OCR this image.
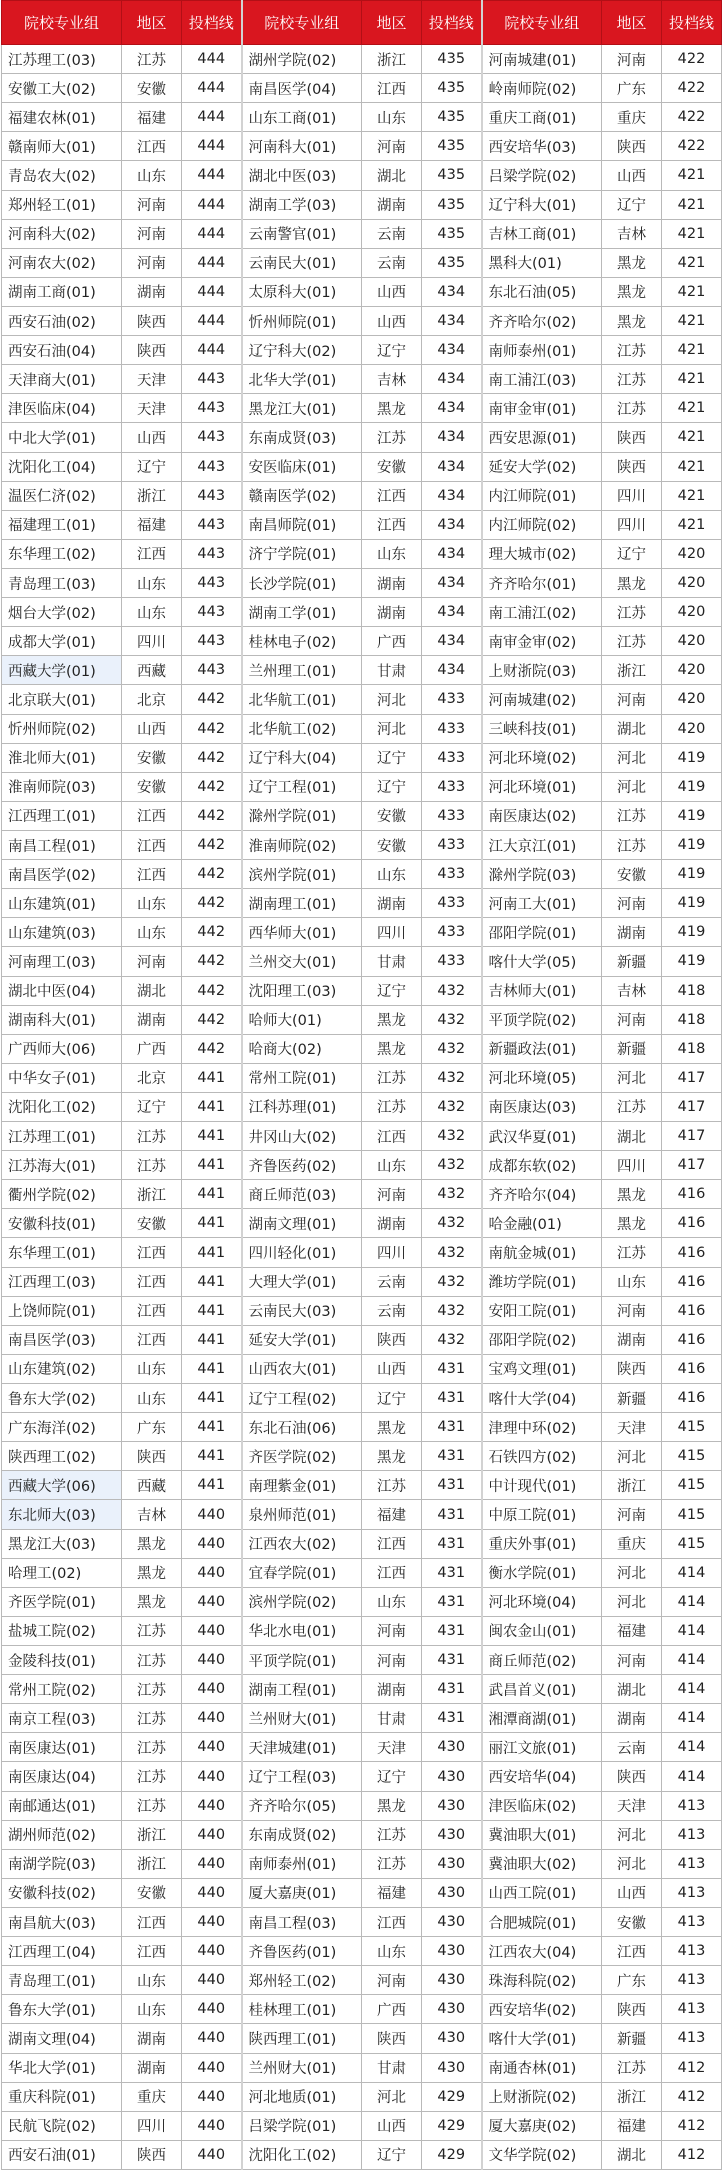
院校专业组	地区	投档线	院校专业组	地区	投档线	院校专业组	地区	投档线
江苏理工(03)	江苏	444	湖州学院(02)	浙江	435	河南城建(01)	河南	422
安徽工大(02)	安徽	444	南昌医学(04)	江西	435	岭南师院(02)	广东	422
福建农林(01)	福建	444	山东工商(01)	山东	435	重庆工商(01)	重庆	422
赣南师大(01)	江西	444	河南科大(01)	河南	435	西安培华(03)	陕西	422
青岛农大(02)	山东	444	湖北中医(03)	湖北	435	吕梁学院(02)	山西	421
郑州轻工(01)	河南	444	湖南工学(03)	湖南	435	辽宁科大(01)	辽宁	421
河南科大(02)	河南	444	云南警官(01)	云南	435	吉林工商(01)	吉林	421
河南农大(02)	河南	444	云南民大(01)	云南	435	黑科大(01)	黑龙	421
湖南工商(01)	湖南	444	太原科大(01)	山西	434	东北石油(05)	黑龙	421
西安石油(02)	陕西	444	忻州师院(01)	山西	434	齐齐哈尔(02)	黑龙	421
西安石油(04)	陕西	444	辽宁科大(02)	辽宁	434	南师泰州(01)	江苏	421
天津商大(01)	天津	443	北华大学(01)	吉林	434	南工浦江(03)	江苏	421
津医临床(04)	天津	443	黑龙江大(01)	黑龙	434	南审金审(01)	江苏	421
中北大学(01)	山西	443	东南成贤(03)	江苏	434	西安思源(01)	陕西	421
沈阳化工(04)	辽宁	443	安医临床(01)	安徽	434	延安大学(02)	陕西	421
温医仁济(02)	浙江	443	赣南医学(02)	江西	434	内江师院(01)	四川	421
福建理工(01)	福建	443	南昌师院(01)	江西	434	内江师院(02)	四川	421
东华理工(02)	江西	443	济宁学院(01)	山东	434	理大城市(02)	辽宁	420
青岛理工(03)	山东	443	长沙学院(01)	湖南	434	齐齐哈尔(01)	黑龙	420
烟台大学(02)	山东	443	湖南工学(01)	湖南	434	南工浦江(02)	江苏	420
成都大学(01)	四川	443	桂林电子(02)	广西	434	南审金审(02)	江苏	420
西藏大学(01)	西藏	443	兰州理工(01)	甘肃	434	上财浙院(03)	浙江	420
北京联大(01)	北京	442	北华航工(01)	河北	433	河南城建(02)	河南	420
忻州师院(02)	山西	442	北华航工(02)	河北	433	三峡科技(01)	湖北	420
淮北师大(01)	安徽	442	辽宁科大(04)	辽宁	433	河北环境(02)	河北	419
淮南师院(03)	安徽	442	辽宁工程(01)	辽宁	433	河北环境(01)	河北	419
江西理工(01)	江西	442	滁州学院(01)	安徽	433	南医康达(02)	江苏	419
南昌工程(01)	江西	442	淮南师院(02)	安徽	433	江大京江(01)	江苏	419
南昌医学(02)	江西	442	滨州学院(01)	山东	433	滁州学院(03)	安徽	419
山东建筑(01)	山东	442	湖南理工(01)	湖南	433	河南工大(01)	河南	419
山东建筑(03)	山东	442	西华师大(01)	四川	433	邵阳学院(01)	湖南	419
河南理工(03)	河南	442	兰州交大(01)	甘肃	433	喀什大学(05)	新疆	419
湖北中医(04)	湖北	442	沈阳理工(03)	辽宁	432	吉林师大(01)	吉林	418
湖南科大(01)	湖南	442	哈师大(01)	黑龙	432	平顶学院(02)	河南	418
广西师大(06)	广西	442	哈商大(02)	黑龙	432	新疆政法(01)	新疆	418
中华女子(01)	北京	441	常州工院(01)	江苏	432	河北环境(05)	河北	417
沈阳化工(02)	辽宁	441	江科苏理(01)	江苏	432	南医康达(03)	江苏	417
江苏理工(01)	江苏	441	井冈山大(02)	江西	432	武汉华夏(01)	湖北	417
江苏海大(01)	江苏	441	齐鲁医药(02)	山东	432	成都东软(02)	四川	417
衢州学院(02)	浙江	441	商丘师范(03)	河南	432	齐齐哈尔(04)	黑龙	416
安徽科技(01)	安徽	441	湖南文理(01)	湖南	432	哈金融(01)	黑龙	416
东华理工(01)	江西	441	四川轻化(01)	四川	432	南航金城(01)	江苏	416
江西理工(03)	江西	441	大理大学(01)	云南	432	潍坊学院(01)	山东	416
上饶师院(01)	江西	441	云南民大(03)	云南	432	安阳工院(01)	河南	416
南昌医学(03)	江西	441	延安大学(01)	陕西	432	邵阳学院(02)	湖南	416
山东建筑(02)	山东	441	山西农大(01)	山西	431	宝鸡文理(01)	陕西	416
鲁东大学(02)	山东	441	辽宁工程(02)	辽宁	431	喀什大学(04)	新疆	416
广东海洋(02)	广东	441	东北石油(06)	黑龙	431	津理中环(02)	天津	415
陕西理工(02)	陕西	441	齐医学院(02)	黑龙	431	石铁四方(02)	河北	415
西藏大学(06)	西藏	441	南理紫金(01)	江苏	431	中计现代(01)	浙江	415
东北师大(03)	吉林	440	泉州师范(01)	福建	431	中原工院(01)	河南	415
黑龙江大(03)	黑龙	440	江西农大(02)	江西	431	重庆外事(01)	重庆	415
哈理工(02)	黑龙	440	宜春学院(01)	江西	431	衡水学院(01)	河北	414
齐医学院(01)	黑龙	440	滨州学院(02)	山东	431	河北环境(04)	河北	414
盐城工院(02)	江苏	440	华北水电(01)	河南	431	闽农金山(01)	福建	414
金陵科技(01)	江苏	440	平顶学院(01)	河南	431	商丘师范(02)	河南	414
常州工院(02)	江苏	440	湖南工程(01)	湖南	431	武昌首义(01)	湖北	414
南京工程(03)	江苏	440	兰州财大(01)	甘肃	431	湘潭商湖(01)	湖南	414
南医康达(01)	江苏	440	天津城建(01)	天津	430	丽江文旅(01)	云南	414
南医康达(04)	江苏	440	辽宁工程(03)	辽宁	430	西安培华(04)	陕西	414
南邮通达(01)	江苏	440	齐齐哈尔(05)	黑龙	430	津医临床(02)	天津	413
湖州师范(02)	浙江	440	东南成贤(02)	江苏	430	冀油职大(01)	河北	413
南湖学院(03)	浙江	440	南师泰州(01)	江苏	430	冀油职大(02)	河北	413
安徽科技(02)	安徽	440	厦大嘉庚(01)	福建	430	山西工院(01)	山西	413
南昌航大(03)	江西	440	南昌工程(03)	江西	430	合肥城院(01)	安徽	413
江西理工(04)	江西	440	齐鲁医药(01)	山东	430	江西农大(04)	江西	413
青岛理工(01)	山东	440	郑州轻工(02)	河南	430	珠海科院(02)	广东	413
鲁东大学(01)	山东	440	桂林理工(01)	广西	430	西安培华(02)	陕西	413
湖南文理(04)	湖南	440	陕西理工(01)	陕西	430	喀什大学(01)	新疆	413
华北大学(01)	湖南	440	兰州财大(01)	甘肃	430	南通杏林(01)	江苏	412
重庆科院(01)	重庆	440	河北地质(01)	河北	429	上财浙院(02)	浙江	412
民航飞院(02)	四川	440	吕梁学院(01)	山西	429	厦大嘉庚(02)	福建	412
西安石油(01)	陕西	440	沈阳化工(02)	辽宁	429	文华学院(02)	湖北	412
